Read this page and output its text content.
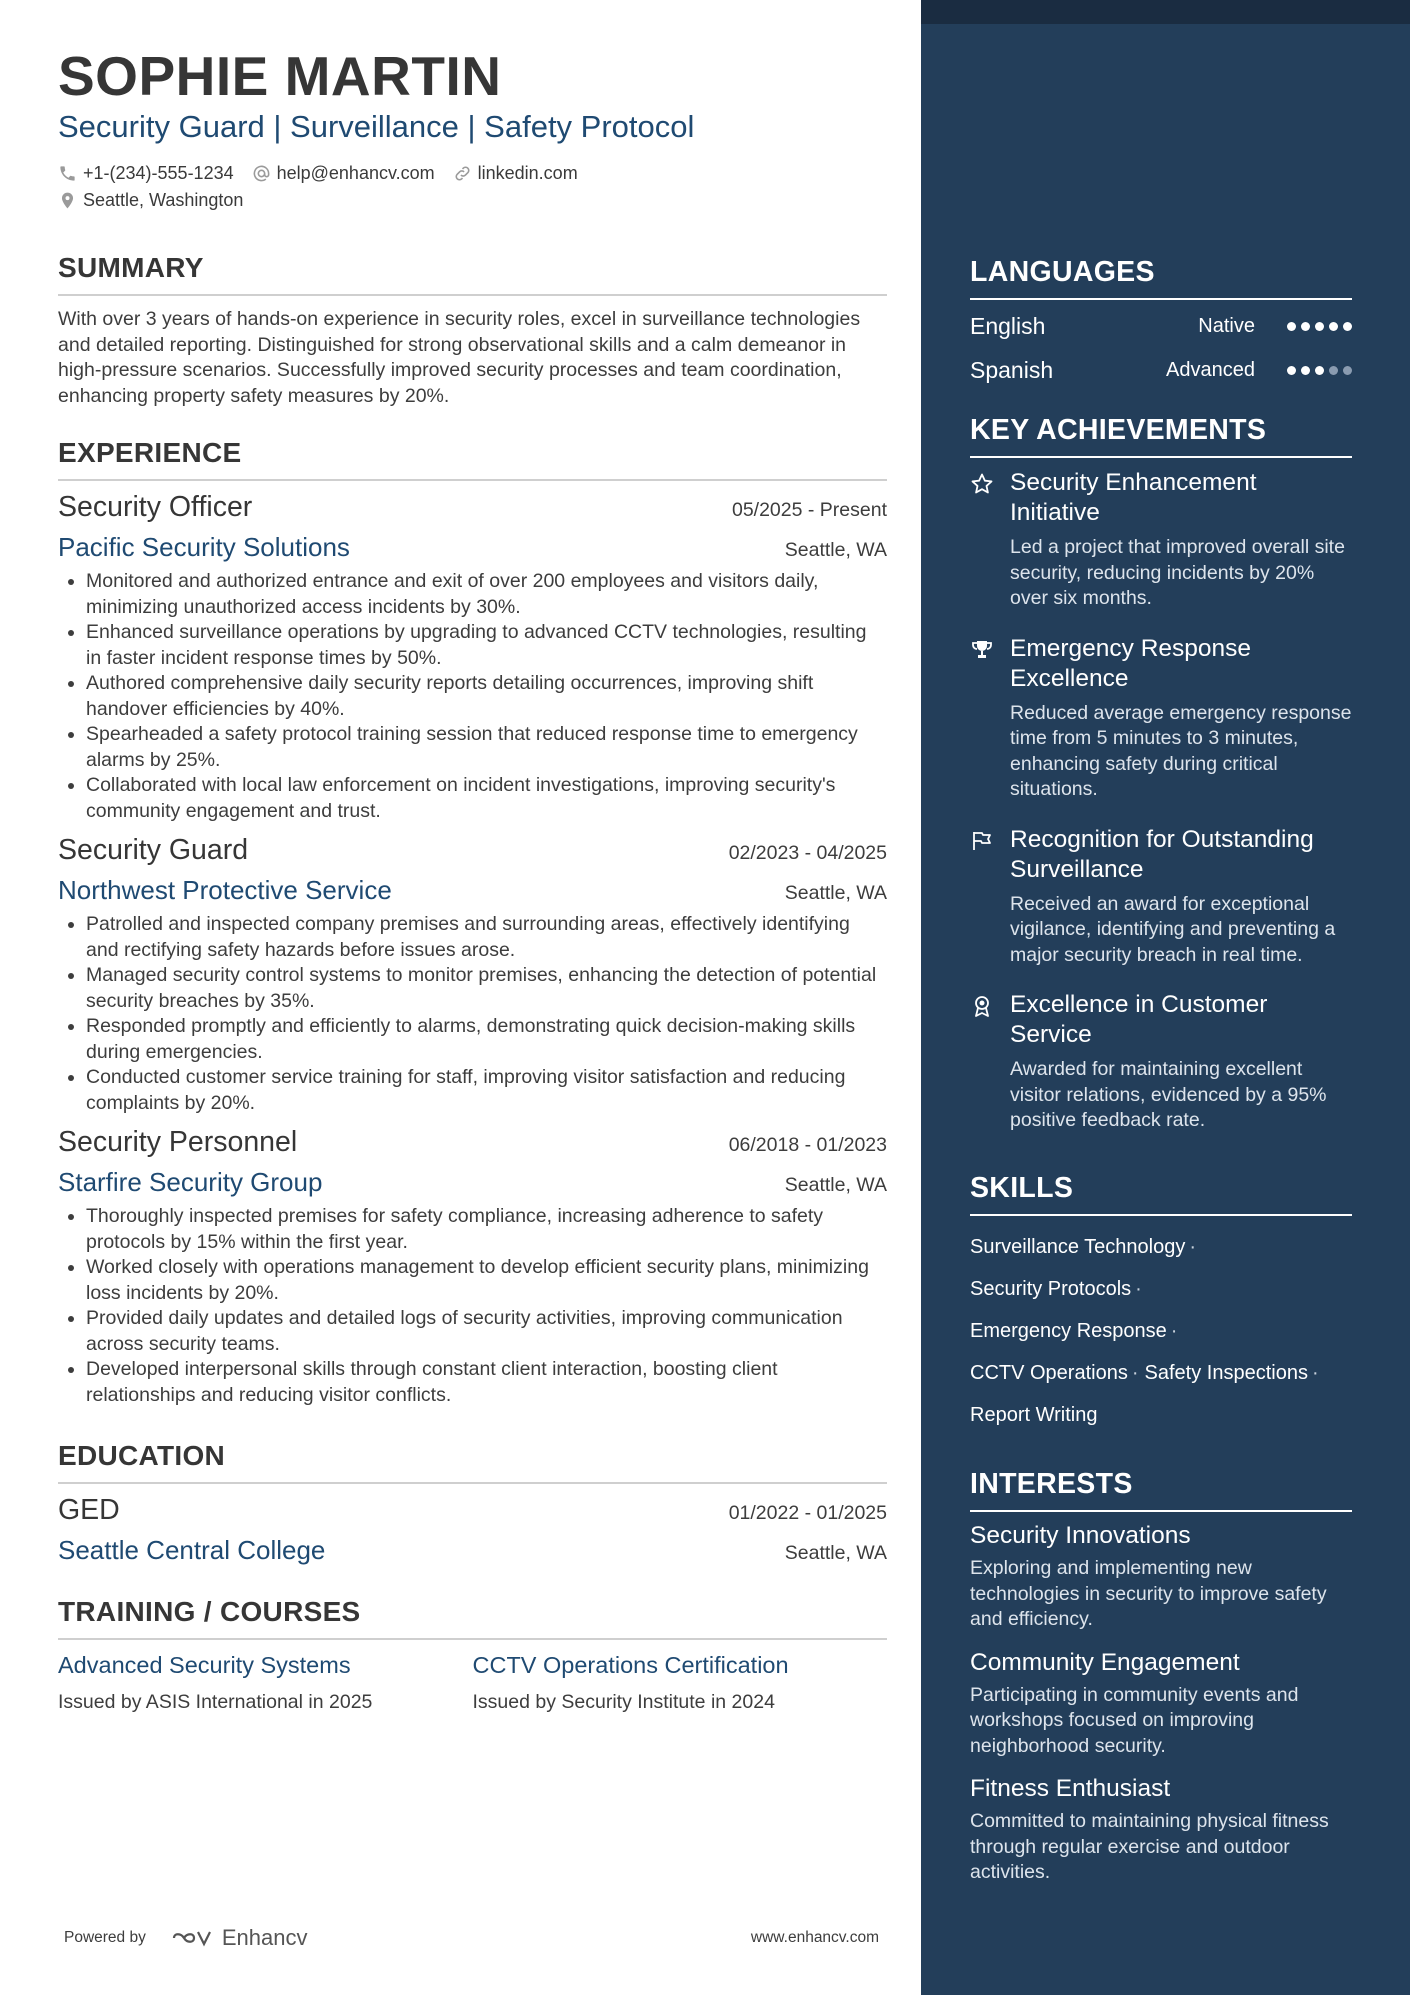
SOPHIE MARTIN
Security Guard | Surveillance | Safety Protocol
+1-(234)-555-1234 help@enhancv.com linkedin.com
Seattle, Washington
SUMMARY
With over 3 years of hands-on experience in security roles, excel in surveillance technologies and detailed reporting. Distinguished for strong observational skills and a calm demeanor in high-pressure scenarios. Successfully improved security processes and team coordination, enhancing property safety measures by 20%.
EXPERIENCE
Security Officer	05/2025 - Present
Pacific Security Solutions	Seattle, WA
• Monitored and authorized entrance and exit of over 200 employees and visitors daily, minimizing unauthorized access incidents by 30%.
• Enhanced surveillance operations by upgrading to advanced CCTV technologies, resulting in faster incident response times by 50%.
• Authored comprehensive daily security reports detailing occurrences, improving shift handover efficiencies by 40%.
• Spearheaded a safety protocol training session that reduced response time to emergency alarms by 25%.
• Collaborated with local law enforcement on incident investigations, improving security's community engagement and trust.
Security Guard	02/2023 - 04/2025
Northwest Protective Service	Seattle, WA
• Patrolled and inspected company premises and surrounding areas, effectively identifying and rectifying safety hazards before issues arose.
• Managed security control systems to monitor premises, enhancing the detection of potential security breaches by 35%.
• Responded promptly and efficiently to alarms, demonstrating quick decision-making skills during emergencies.
• Conducted customer service training for staff, improving visitor satisfaction and reducing complaints by 20%.
Security Personnel	06/2018 - 01/2023
Starfire Security Group	Seattle, WA
• Thoroughly inspected premises for safety compliance, increasing adherence to safety protocols by 15% within the first year.
• Worked closely with operations management to develop efficient security plans, minimizing loss incidents by 20%.
• Provided daily updates and detailed logs of security activities, improving communication across security teams.
• Developed interpersonal skills through constant client interaction, boosting client relationships and reducing visitor conflicts.
EDUCATION
GED	01/2022 - 01/2025
Seattle Central College	Seattle, WA
TRAINING / COURSES
Advanced Security Systems
Issued by ASIS International in 2025
CCTV Operations Certification
Issued by Security Institute in 2024
Powered by	Enhancv	www.enhancv.com
LANGUAGES
English	Native
Spanish	Advanced
KEY ACHIEVEMENTS
Security Enhancement Initiative
Led a project that improved overall site security, reducing incidents by 20% over six months.
Emergency Response Excellence
Reduced average emergency response time from 5 minutes to 3 minutes, enhancing safety during critical situations.
Recognition for Outstanding Surveillance
Received an award for exceptional vigilance, identifying and preventing a major security breach in real time.
Excellence in Customer Service
Awarded for maintaining excellent visitor relations, evidenced by a 95% positive feedback rate.
SKILLS
Surveillance Technology ·
Security Protocols ·
Emergency Response ·
CCTV Operations · Safety Inspections ·
Report Writing
INTERESTS
Security Innovations
Exploring and implementing new technologies in security to improve safety and efficiency.
Community Engagement
Participating in community events and workshops focused on improving neighborhood security.
Fitness Enthusiast
Committed to maintaining physical fitness through regular exercise and outdoor activities.
